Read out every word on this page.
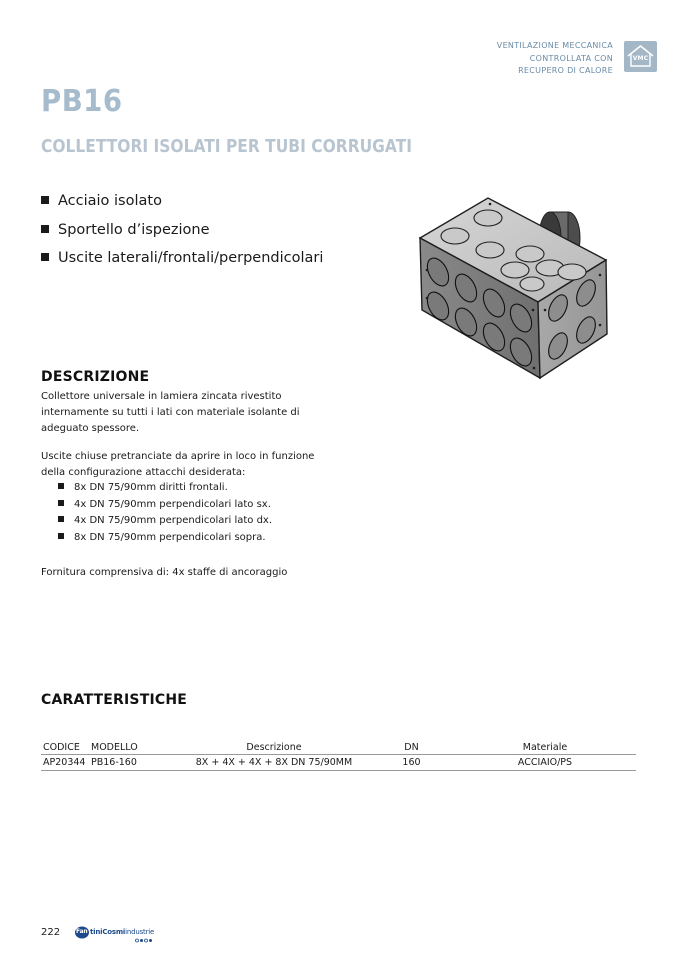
VENTILAZIONE MECCANICA
CONTROLLATA CON
RECUPERO DI CALORE
VMC
PB16
COLLETTORI ISOLATI PER TUBI CORRUGATI
Acciaio isolato
Sportello d’ispezione
Uscite laterali/frontali/perpendicolari
DESCRIZIONE
Collettore universale in lamiera zincata rivestito
internamente su tutti i lati con materiale isolante di
adeguato spessore.
Uscite chiuse pretranciate da aprire in loco in funzione
della configurazione attacchi desiderata:
8x DN 75/90mm diritti frontali.
4x DN 75/90mm perpendicolari lato sx.
4x DN 75/90mm perpendicolari lato dx.
8x DN 75/90mm perpendicolari sopra.
Fornitura comprensiva di: 4x staffe di ancoraggio
CARATTERISTICHE
CODICE	MODELLO	Descrizione	DN	Materiale
AP20344	PB16-160	8X + 4X + 4X + 8X DN 75/90MM	160	ACCIAIO/PS
222	Fan tiniCosmiindustrie
